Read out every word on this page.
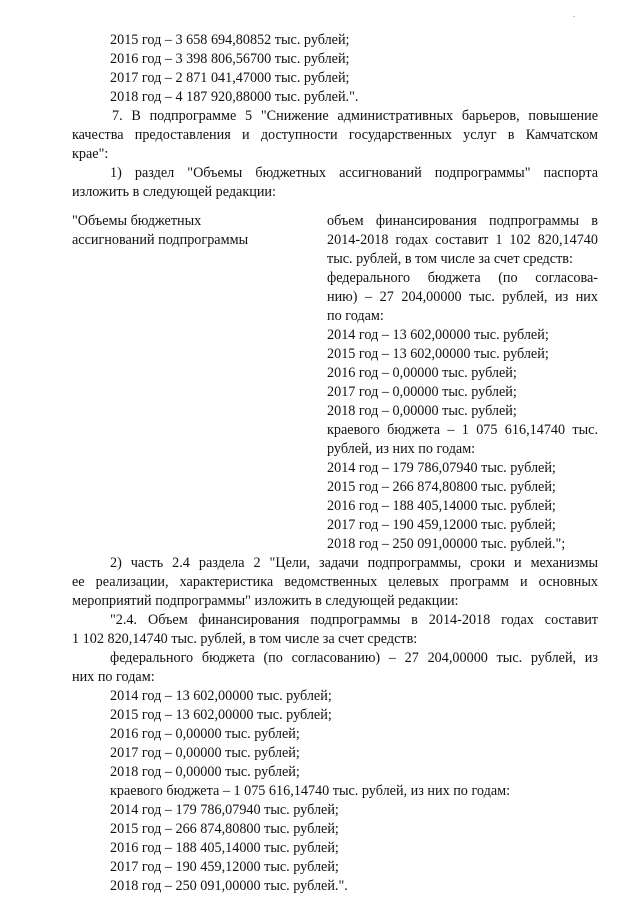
·
2015 год – 3 658 694,80852 тыс. рублей;
2016 год – 3 398 806,56700 тыс. рублей;
2017 год – 2 871 041,47000 тыс. рублей;
2018 год – 4 187 920,88000 тыс. рублей.".
7. В подпрограмме 5 "Снижение административных барьеров, повышение
качества предоставления и доступности государственных услуг в Камчатском
крае":
1) раздел "Объемы бюджетных ассигнований подпрограммы" паспорта
изложить в следующей редакции:
"Объемы бюджетных
ассигнований подпрограммы
объем финансирования подпрограммы в
2014-2018 годах составит 1 102 820,14740
тыс. рублей, в том числе за счет средств:
федерального бюджета (по согласова-
нию) – 27 204,00000 тыс. рублей, из них
по годам:
2014 год – 13 602,00000 тыс. рублей;
2015 год – 13 602,00000 тыс. рублей;
2016 год – 0,00000 тыс. рублей;
2017 год – 0,00000 тыс. рублей;
2018 год – 0,00000 тыс. рублей;
краевого бюджета – 1 075 616,14740 тыс.
рублей, из них по годам:
2014 год – 179 786,07940 тыс. рублей;
2015 год – 266 874,80800 тыс. рублей;
2016 год – 188 405,14000 тыс. рублей;
2017 год – 190 459,12000 тыс. рублей;
2018 год – 250 091,00000 тыс. рублей.";
2) часть 2.4 раздела 2 "Цели, задачи подпрограммы, сроки и механизмы
ее реализации, характеристика ведомственных целевых программ и основных
мероприятий подпрограммы" изложить в следующей редакции:
"2.4. Объем финансирования подпрограммы в 2014-2018 годах составит
1 102 820,14740 тыс. рублей, в том числе за счет средств:
федерального бюджета (по согласованию) – 27 204,00000 тыс. рублей, из
них по годам:
2014 год – 13 602,00000 тыс. рублей;
2015 год – 13 602,00000 тыс. рублей;
2016 год – 0,00000 тыс. рублей;
2017 год – 0,00000 тыс. рублей;
2018 год – 0,00000 тыс. рублей;
краевого бюджета – 1 075 616,14740 тыс. рублей, из них по годам:
2014 год – 179 786,07940 тыс. рублей;
2015 год – 266 874,80800 тыс. рублей;
2016 год – 188 405,14000 тыс. рублей;
2017 год – 190 459,12000 тыс. рублей;
2018 год – 250 091,00000 тыс. рублей.".
